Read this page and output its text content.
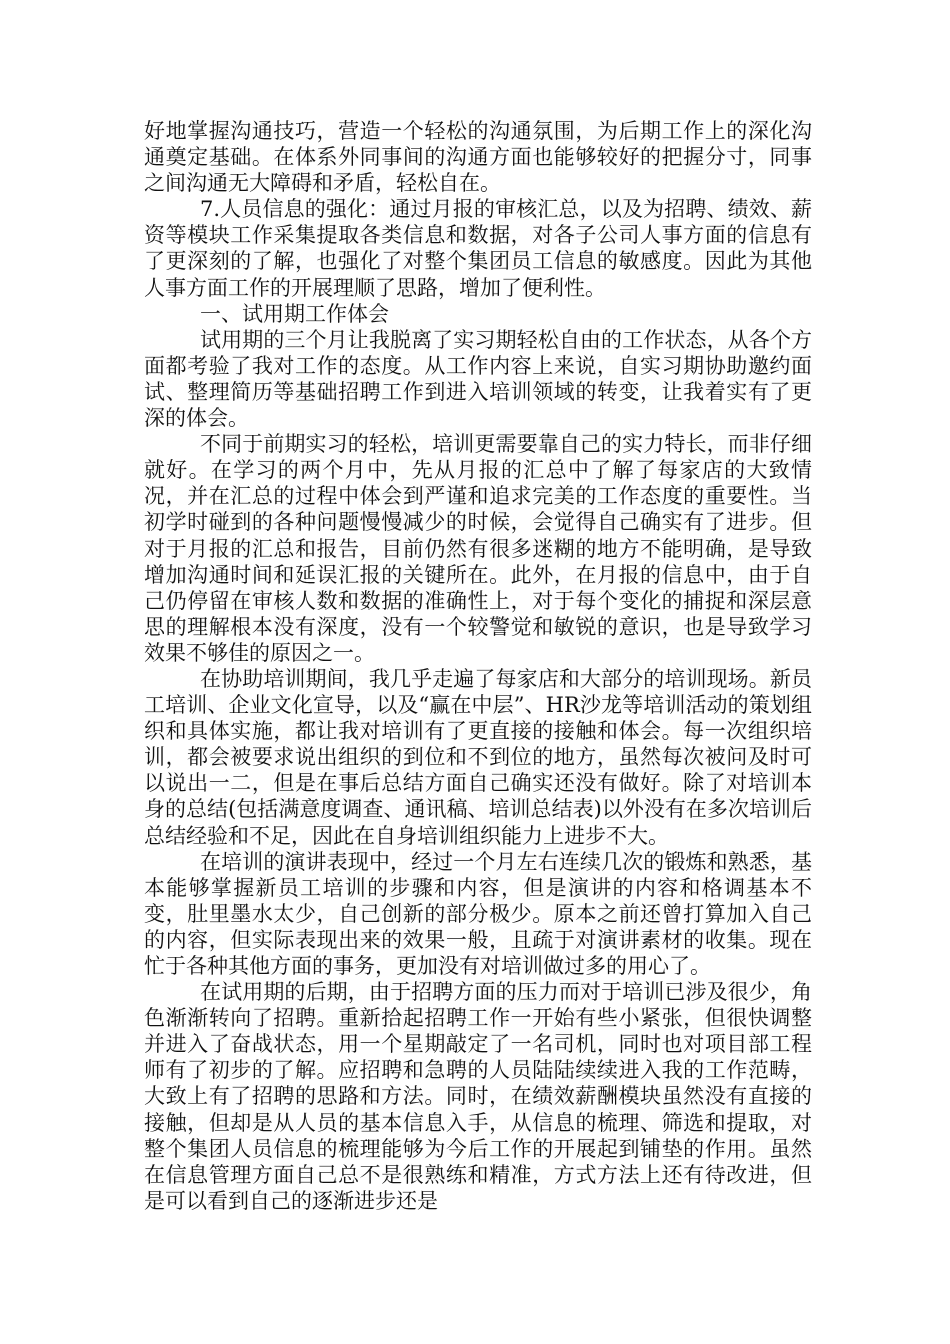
好地掌握沟通技巧，营造一个轻松的沟通氛围，为后期工作上的深化沟通奠定基础。在体系外同事间的沟通方面也能够较好的把握分寸，同事之间沟通无大障碍和矛盾，轻松自在。

7.人员信息的强化：通过月报的审核汇总，以及为招聘、绩效、薪资等模块工作采集提取各类信息和数据，对各子公司人事方面的信息有了更深刻的了解，也强化了对整个集团员工信息的敏感度。因此为其他人事方面工作的开展理顺了思路，增加了便利性。

一、试用期工作体会

试用期的三个月让我脱离了实习期轻松自由的工作状态，从各个方面都考验了我对工作的态度。从工作内容上来说，自实习期协助邀约面试、整理简历等基础招聘工作到进入培训领域的转变，让我着实有了更深的体会。

不同于前期实习的轻松，培训更需要靠自己的实力特长，而非仔细就好。在学习的两个月中，先从月报的汇总中了解了每家店的大致情况，并在汇总的过程中体会到严谨和追求完美的工作态度的重要性。当初学时碰到的各种问题慢慢减少的时候，会觉得自己确实有了进步。但对于月报的汇总和报告，目前仍然有很多迷糊的地方不能明确，是导致增加沟通时间和延误汇报的关键所在。此外，在月报的信息中，由于自己仍停留在审核人数和数据的准确性上，对于每个变化的捕捉和深层意思的理解根本没有深度，没有一个较警觉和敏锐的意识，也是导致学习效果不够佳的原因之一。

在协助培训期间，我几乎走遍了每家店和大部分的培训现场。新员工培训、企业文化宣导，以及“赢在中层”、HR沙龙等培训活动的策划组织和具体实施，都让我对培训有了更直接的接触和体会。每一次组织培训，都会被要求说出组织的到位和不到位的地方，虽然每次被问及时可以说出一二，但是在事后总结方面自己确实还没有做好。除了对培训本身的总结(包括满意度调查、通讯稿、培训总结表)以外没有在多次培训后总结经验和不足，因此在自身培训组织能力上进步不大。

在培训的演讲表现中，经过一个月左右连续几次的锻炼和熟悉，基本能够掌握新员工培训的步骤和内容，但是演讲的内容和格调基本不变，肚里墨水太少，自己创新的部分极少。原本之前还曾打算加入自己的内容，但实际表现出来的效果一般，且疏于对演讲素材的收集。现在忙于各种其他方面的事务，更加没有对培训做过多的用心了。

在试用期的后期，由于招聘方面的压力而对于培训已涉及很少，角色渐渐转向了招聘。重新拾起招聘工作一开始有些小紧张，但很快调整并进入了奋战状态，用一个星期敲定了一名司机，同时也对项目部工程师有了初步的了解。应招聘和急聘的人员陆陆续续进入我的工作范畴，大致上有了招聘的思路和方法。同时，在绩效薪酬模块虽然没有直接的接触，但却是从人员的基本信息入手，从信息的梳理、筛选和提取，对整个集团人员信息的梳理能够为今后工作的开展起到铺垫的作用。虽然在信息管理方面自己总不是很熟练和精准，方式方法上还有待改进，但是可以看到自己的逐渐进步还是
